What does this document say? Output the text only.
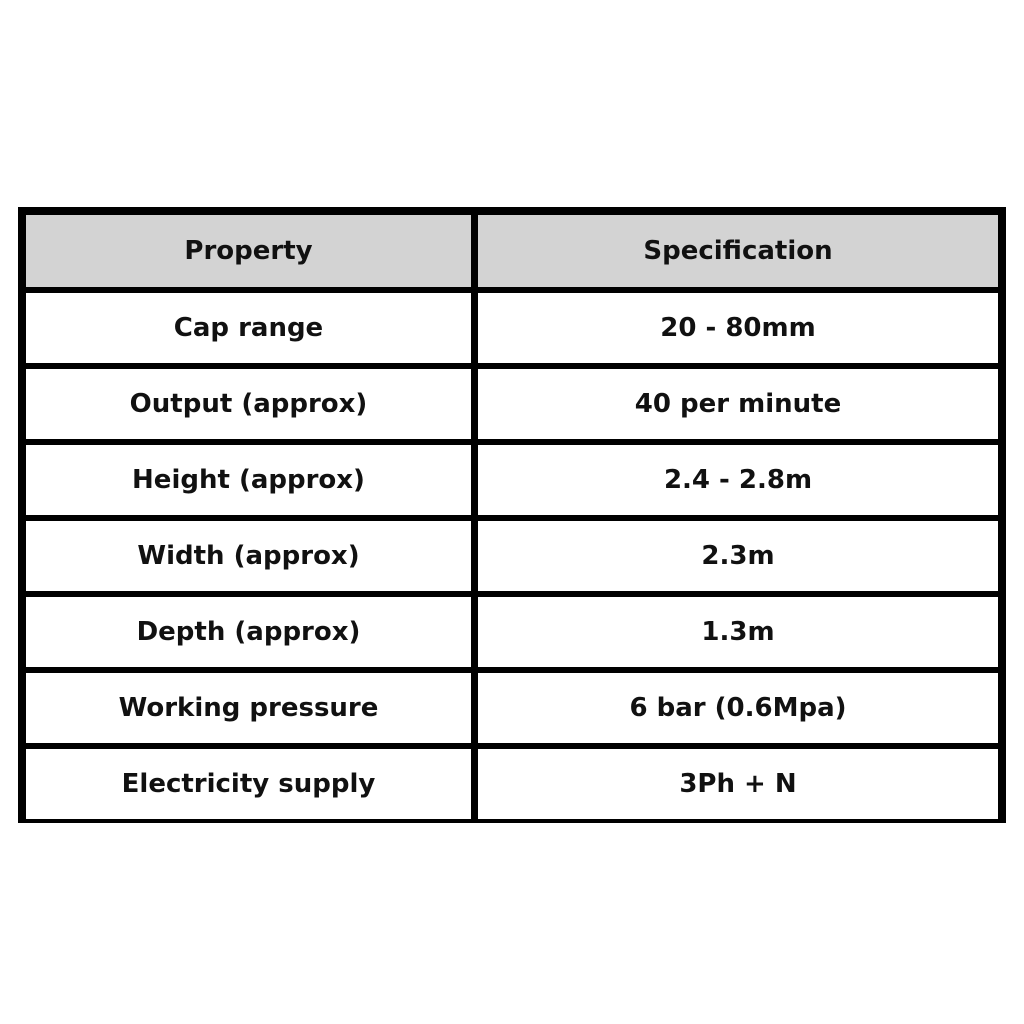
Property	Specification
Cap range	20 - 80mm
Output (approx)	40 per minute
Height (approx)	2.4 - 2.8m
Width (approx)	2.3m
Depth (approx)	1.3m
Working pressure	6 bar (0.6Mpa)
Electricity supply	3Ph + N
